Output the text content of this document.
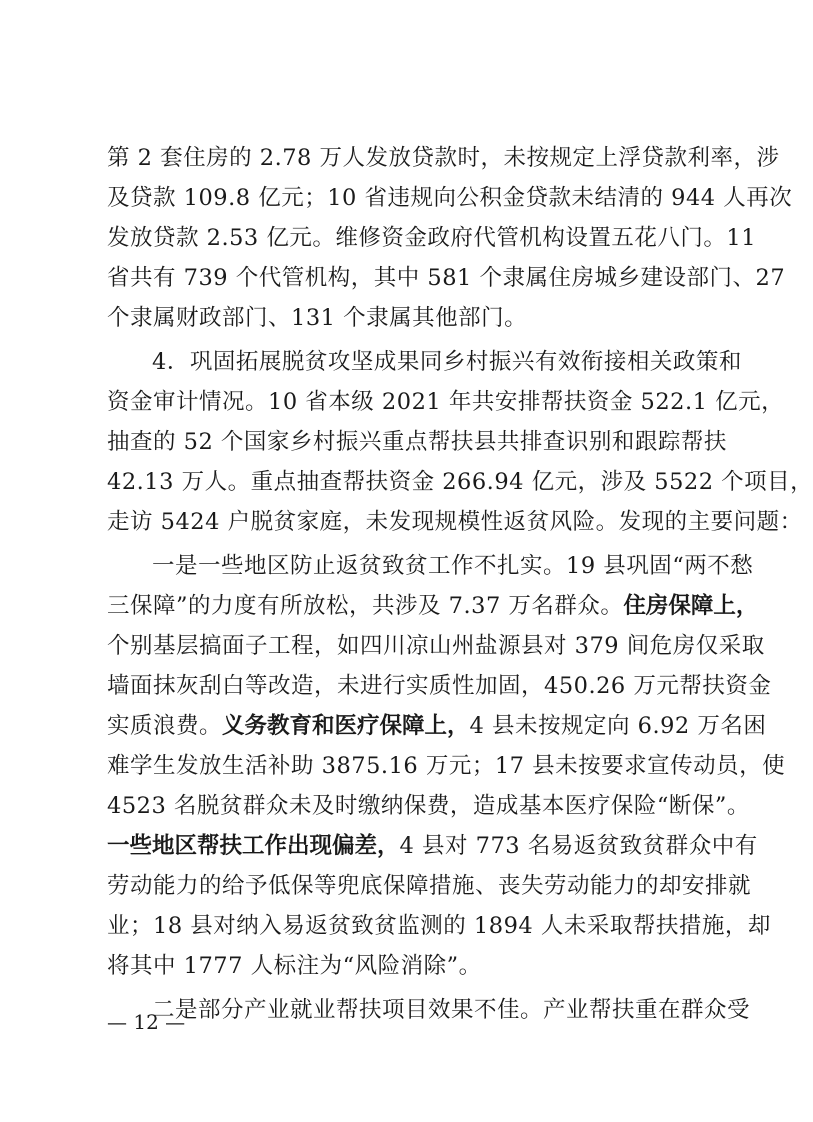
第 2 套住房的 2.78 万人发放贷款时，未按规定上浮贷款利率，涉
及贷款 109.8 亿元；10 省违规向公积金贷款未结清的 944 人再次
发放贷款 2.53 亿元。维修资金政府代管机构设置五花八门。11
省共有 739 个代管机构，其中 581 个隶属住房城乡建设部门、27
个隶属财政部门、131 个隶属其他部门。
4．巩固拓展脱贫攻坚成果同乡村振兴有效衔接相关政策和
资金审计情况。10 省本级 2021 年共安排帮扶资金 522.1 亿元，
抽查的 52 个国家乡村振兴重点帮扶县共排查识别和跟踪帮扶
42.13 万人。重点抽查帮扶资金 266.94 亿元，涉及 5522 个项目，
走访 5424 户脱贫家庭，未发现规模性返贫风险。发现的主要问题：
一是一些地区防止返贫致贫工作不扎实。19 县巩固“两不愁
三保障”的力度有所放松，共涉及 7.37 万名群众。住房保障上，
个别基层搞面子工程，如四川凉山州盐源县对 379 间危房仅采取
墙面抹灰刮白等改造，未进行实质性加固，450.26 万元帮扶资金
实质浪费。义务教育和医疗保障上，4 县未按规定向 6.92 万名困
难学生发放生活补助 3875.16 万元；17 县未按要求宣传动员，使
4523 名脱贫群众未及时缴纳保费，造成基本医疗保险“断保”。
一些地区帮扶工作出现偏差，4 县对 773 名易返贫致贫群众中有
劳动能力的给予低保等兜底保障措施、丧失劳动能力的却安排就
业；18 县对纳入易返贫致贫监测的 1894 人未采取帮扶措施，却
将其中 1777 人标注为“风险消除”。
二是部分产业就业帮扶项目效果不佳。产业帮扶重在群众受
— 12 —
